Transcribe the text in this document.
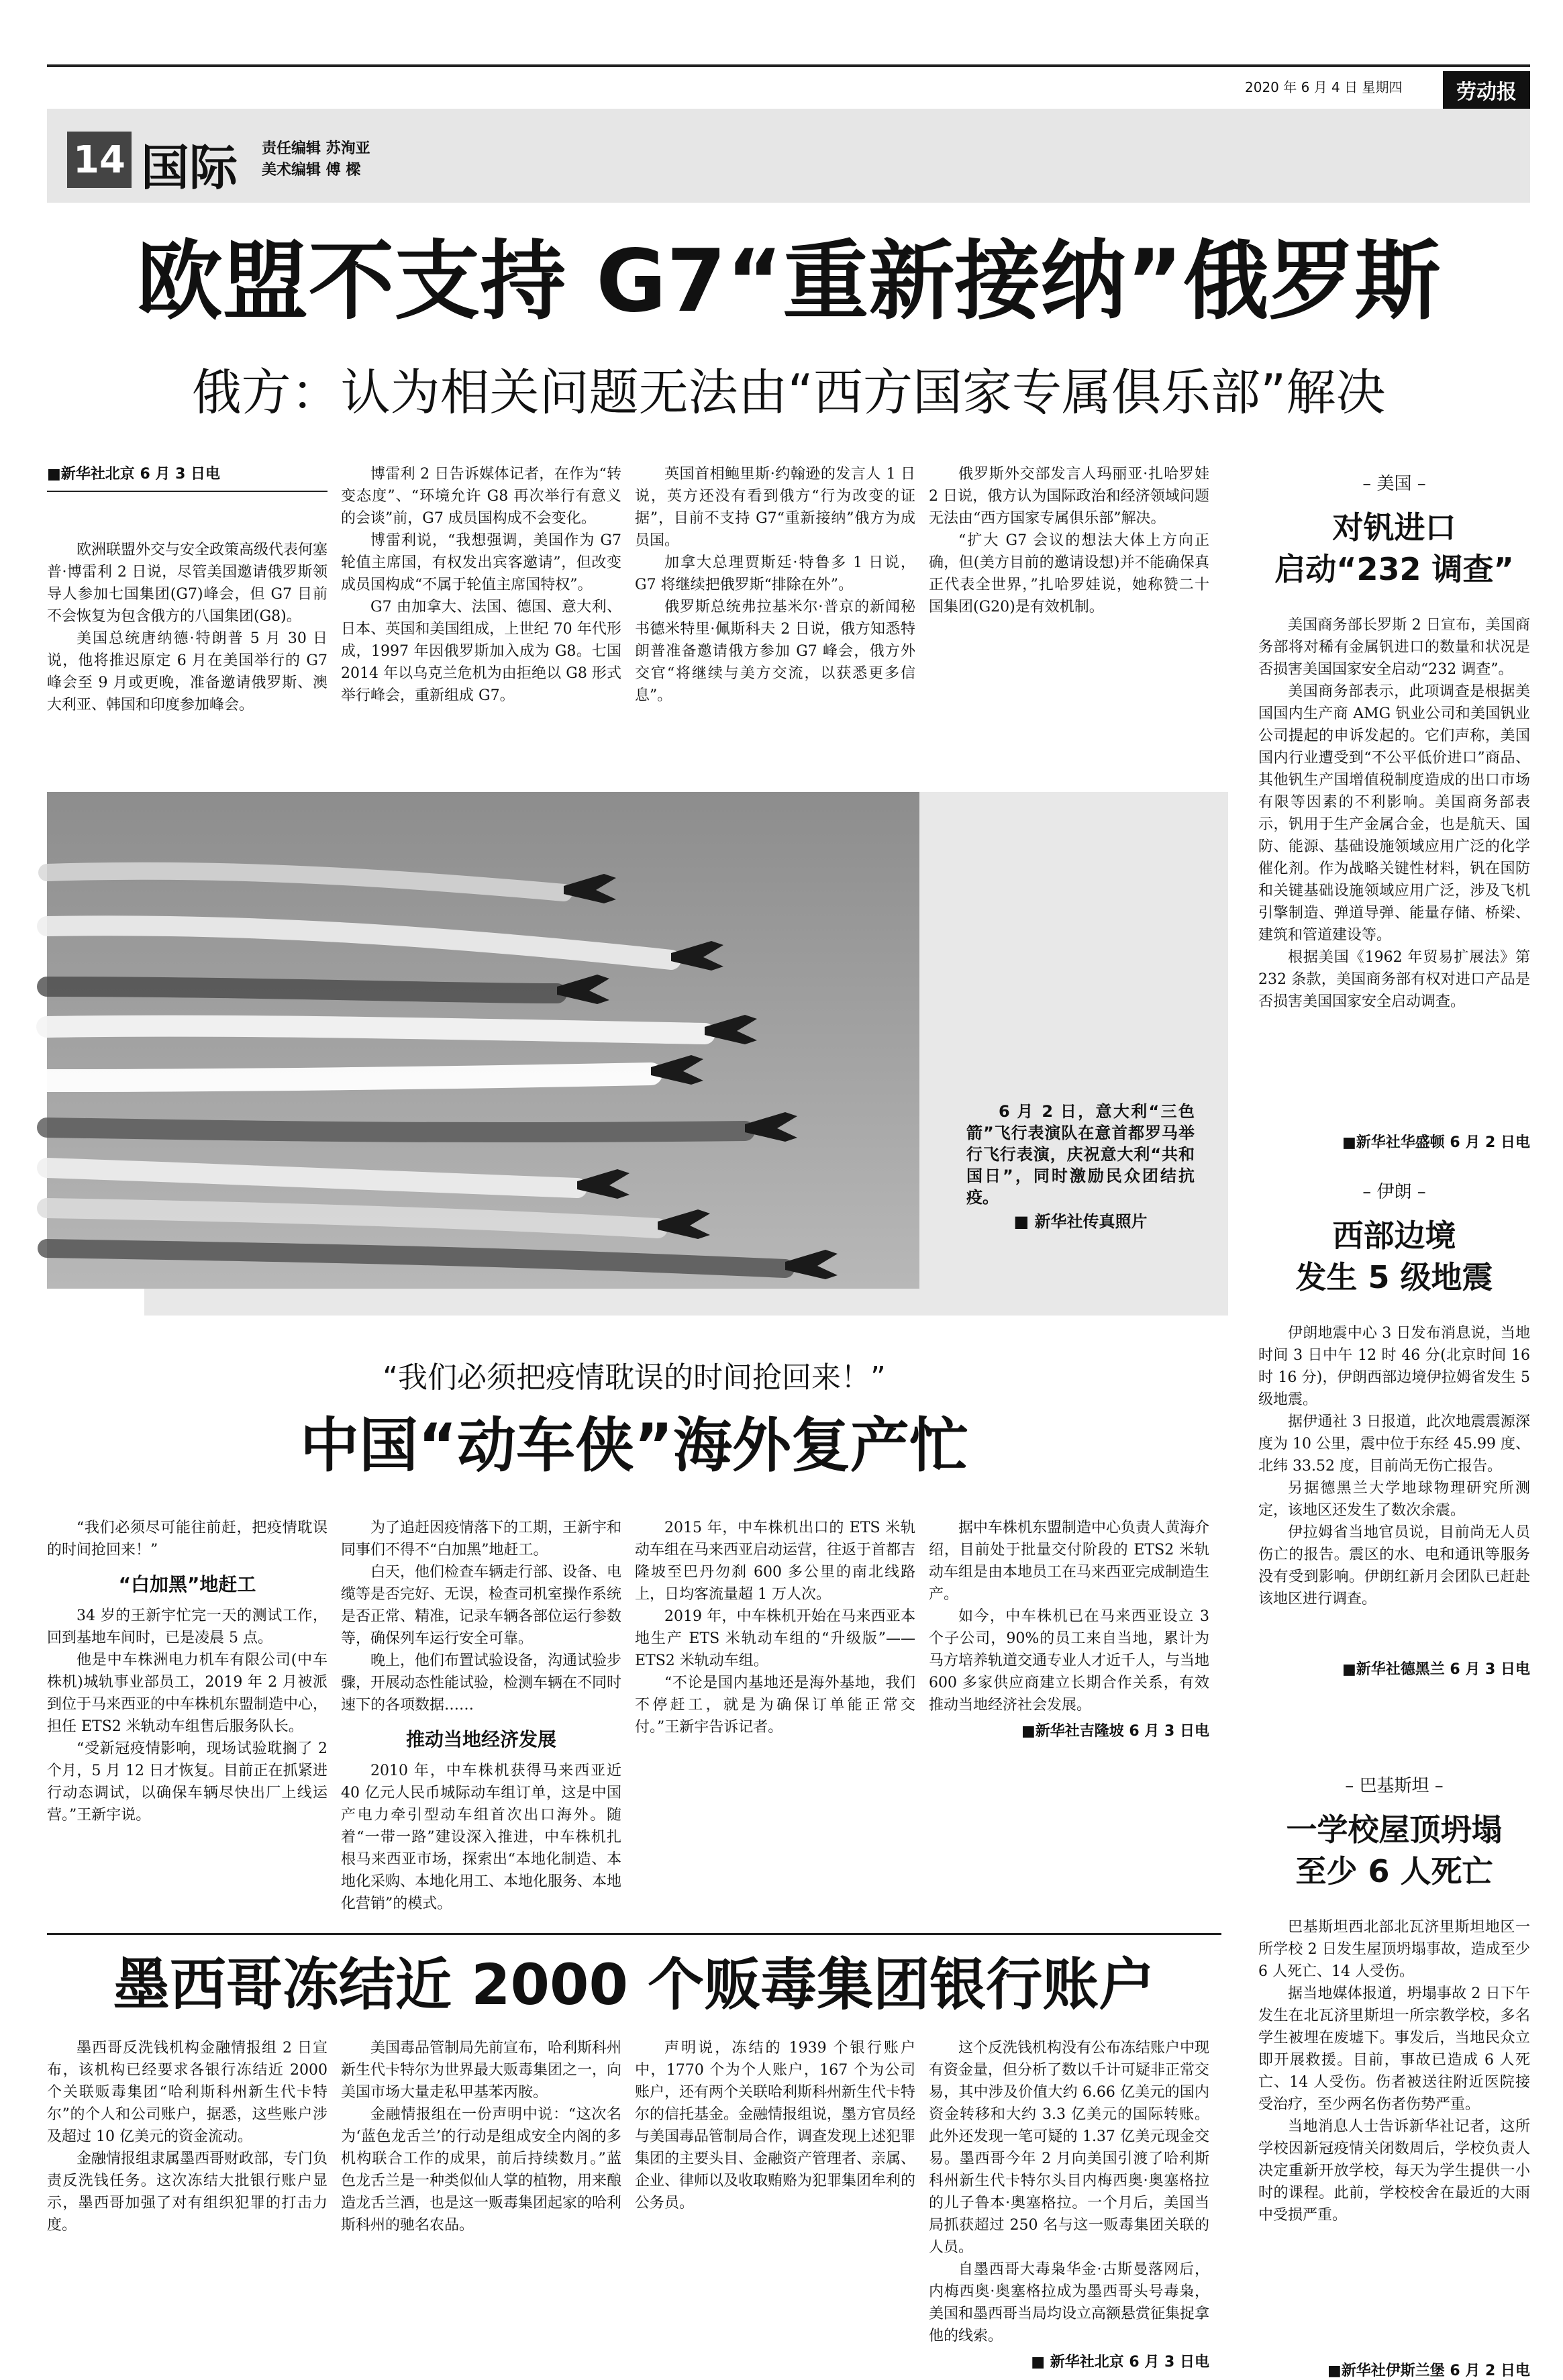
2020 年 6 月 4 日 星期四	劳动报
14 国际 责任编辑 苏洵亚
美术编辑 傅 樑
欧盟不支持 G7“重新接纳”俄罗斯
俄方：认为相关问题无法由“西方国家专属俱乐部”解决
■新华社北京 6 月 3 日电

欧洲联盟外交与安全政策高级代表何塞普·博雷利 2 日说，尽管美国邀请俄罗斯领导人参加七国集团(G7)峰会，但 G7 目前不会恢复为包含俄方的八国集团(G8)。

美国总统唐纳德·特朗普 5 月 30 日说，他将推迟原定 6 月在美国举行的 G7 峰会至 9 月或更晚，准备邀请俄罗斯、澳大利亚、韩国和印度参加峰会。

博雷利 2 日告诉媒体记者，在作为“转变态度”、“环境允许 G8 再次举行有意义的会谈”前，G7 成员国构成不会变化。

博雷利说，“我想强调，美国作为 G7 轮值主席国，有权发出宾客邀请”，但改变成员国构成“不属于轮值主席国特权”。

G7 由加拿大、法国、德国、意大利、日本、英国和美国组成，上世纪 70 年代形成，1997 年因俄罗斯加入成为 G8。七国 2014 年以乌克兰危机为由拒绝以 G8 形式举行峰会，重新组成 G7。

英国首相鲍里斯·约翰逊的发言人 1 日说，英方还没有看到俄方“行为改变的证据”，目前不支持 G7“重新接纳”俄方为成员国。

加拿大总理贾斯廷·特鲁多 1 日说，G7 将继续把俄罗斯“排除在外”。

俄罗斯总统弗拉基米尔·普京的新闻秘书德米特里·佩斯科夫 2 日说，俄方知悉特朗普准备邀请俄方参加 G7 峰会，俄方外交官“将继续与美方交流，以获悉更多信息”。

俄罗斯外交部发言人玛丽亚·扎哈罗娃 2 日说，俄方认为国际政治和经济领域问题无法由“西方国家专属俱乐部”解决。

“扩大 G7 会议的想法大体上方向正确，但(美方目前的邀请设想)并不能确保真正代表全世界，”扎哈罗娃说，她称赞二十国集团(G20)是有效机制。

6 月 2 日，意大利“三色箭”飞行表演队在意首都罗马举行飞行表演，庆祝意大利“共和国日”，同时激励民众团结抗疫。
■ 新华社传真照片
“我们必须把疫情耽误的时间抢回来！”
中国“动车侠”海外复产忙

“我们必须尽可能往前赶，把疫情耽误的时间抢回来！”

“白加黑”地赶工

34 岁的王新宇忙完一天的测试工作，回到基地车间时，已是凌晨 5 点。

他是中车株洲电力机车有限公司(中车株机)城轨事业部员工，2019 年 2 月被派到位于马来西亚的中车株机东盟制造中心，担任 ETS2 米轨动车组售后服务队长。

“受新冠疫情影响，现场试验耽搁了 2 个月，5 月 12 日才恢复。目前正在抓紧进行动态调试，以确保车辆尽快出厂上线运营。”王新宇说。

为了追赶因疫情落下的工期，王新宇和同事们不得不“白加黑”地赶工。

白天，他们检查车辆走行部、设备、电缆等是否完好、无误，检查司机室操作系统是否正常、精准，记录车辆各部位运行参数等，确保列车运行安全可靠。

晚上，他们布置试验设备，沟通试验步骤，开展动态性能试验，检测车辆在不同时速下的各项数据……

推动当地经济发展

2010 年，中车株机获得马来西亚近 40 亿元人民币城际动车组订单，这是中国产电力牵引型动车组首次出口海外。随着“一带一路”建设深入推进，中车株机扎根马来西亚市场，探索出“本地化制造、本地化采购、本地化用工、本地化服务、本地化营销”的模式。

2015 年，中车株机出口的 ETS 米轨动车组在马来西亚启动运营，往返于首都吉隆坡至巴丹勿刹 600 多公里的南北线路上，日均客流量超 1 万人次。

2019 年，中车株机开始在马来西亚本地生产 ETS 米轨动车组的“升级版”——ETS2 米轨动车组。

“不论是国内基地还是海外基地，我们不停赶工，就是为确保订单能正常交付。”王新宇告诉记者。

据中车株机东盟制造中心负责人黄海介绍，目前处于批量交付阶段的 ETS2 米轨动车组是由本地员工在马来西亚完成制造生产。

如今，中车株机已在马来西亚设立 3 个子公司，90%的员工来自当地，累计为马方培养轨道交通专业人才近千人，与当地 600 多家供应商建立长期合作关系，有效推动当地经济社会发展。

■新华社吉隆坡 6 月 3 日电
墨西哥冻结近 2000 个贩毒集团银行账户

墨西哥反洗钱机构金融情报组 2 日宣布，该机构已经要求各银行冻结近 2000 个关联贩毒集团“哈利斯科州新生代卡特尔”的个人和公司账户，据悉，这些账户涉及超过 10 亿美元的资金流动。

金融情报组隶属墨西哥财政部，专门负责反洗钱任务。这次冻结大批银行账户显示，墨西哥加强了对有组织犯罪的打击力度。

美国毒品管制局先前宣布，哈利斯科州新生代卡特尔为世界最大贩毒集团之一，向美国市场大量走私甲基苯丙胺。

金融情报组在一份声明中说：“这次名为‘蓝色龙舌兰’的行动是组成安全内阁的多机构联合工作的成果，前后持续数月。”蓝色龙舌兰是一种类似仙人掌的植物，用来酿造龙舌兰酒，也是这一贩毒集团起家的哈利斯科州的驰名农品。

声明说，冻结的 1939 个银行账户中，1770 个为个人账户，167 个为公司账户，还有两个关联哈利斯科州新生代卡特尔的信托基金。金融情报组说，墨方官员经与美国毒品管制局合作，调查发现上述犯罪集团的主要头目、金融资产管理者、亲属、企业、律师以及收取贿赂为犯罪集团牟利的公务员。

这个反洗钱机构没有公布冻结账户中现有资金量，但分析了数以千计可疑非正常交易，其中涉及价值大约 6.66 亿美元的国内资金转移和大约 3.3 亿美元的国际转账。此外还发现一笔可疑的 1.37 亿美元现金交易。墨西哥今年 2 月向美国引渡了哈利斯科州新生代卡特尔头目内梅西奥·奥塞格拉的儿子鲁本·奥塞格拉。一个月后，美国当局抓获超过 250 名与这一贩毒集团关联的人员。

自墨西哥大毒枭华金·古斯曼落网后，内梅西奥·奥塞格拉成为墨西哥头号毒枭，美国和墨西哥当局均设立高额悬赏征集捉拿他的线索。

■ 新华社北京 6 月 3 日电
– 美国 –
对钒进口
启动“232 调查”

美国商务部长罗斯 2 日宣布，美国商务部将对稀有金属钒进口的数量和状况是否损害美国国家安全启动“232 调查”。

美国商务部表示，此项调查是根据美国国内生产商 AMG 钒业公司和美国钒业公司提起的申诉发起的。它们声称，美国国内行业遭受到“不公平低价进口”商品、其他钒生产国增值税制度造成的出口市场有限等因素的不利影响。美国商务部表示，钒用于生产金属合金，也是航天、国防、能源、基础设施领域应用广泛的化学催化剂。作为战略关键性材料，钒在国防和关键基础设施领域应用广泛，涉及飞机引擎制造、弹道导弹、能量存储、桥梁、建筑和管道建设等。

根据美国《1962 年贸易扩展法》第 232 条款，美国商务部有权对进口产品是否损害美国国家安全启动调查。

■新华社华盛顿 6 月 2 日电
– 伊朗 –
西部边境
发生 5 级地震

伊朗地震中心 3 日发布消息说，当地时间 3 日中午 12 时 46 分(北京时间 16 时 16 分)，伊朗西部边境伊拉姆省发生 5 级地震。

据伊通社 3 日报道，此次地震震源深度为 10 公里，震中位于东经 45.99 度、北纬 33.52 度，目前尚无伤亡报告。

另据德黑兰大学地球物理研究所测定，该地区还发生了数次余震。

伊拉姆省当地官员说，目前尚无人员伤亡的报告。震区的水、电和通讯等服务没有受到影响。伊朗红新月会团队已赶赴该地区进行调查。

■新华社德黑兰 6 月 3 日电
– 巴基斯坦 –
一学校屋顶坍塌
至少 6 人死亡

巴基斯坦西北部北瓦济里斯坦地区一所学校 2 日发生屋顶坍塌事故，造成至少 6 人死亡、14 人受伤。

据当地媒体报道，坍塌事故 2 日下午发生在北瓦济里斯坦一所宗教学校，多名学生被埋在废墟下。事发后，当地民众立即开展救援。目前，事故已造成 6 人死亡、14 人受伤。伤者被送往附近医院接受治疗，至少两名伤者伤势严重。

当地消息人士告诉新华社记者，这所学校因新冠疫情关闭数周后，学校负责人决定重新开放学校，每天为学生提供一小时的课程。此前，学校校舍在最近的大雨中受损严重。

■新华社伊斯兰堡 6 月 2 日电
